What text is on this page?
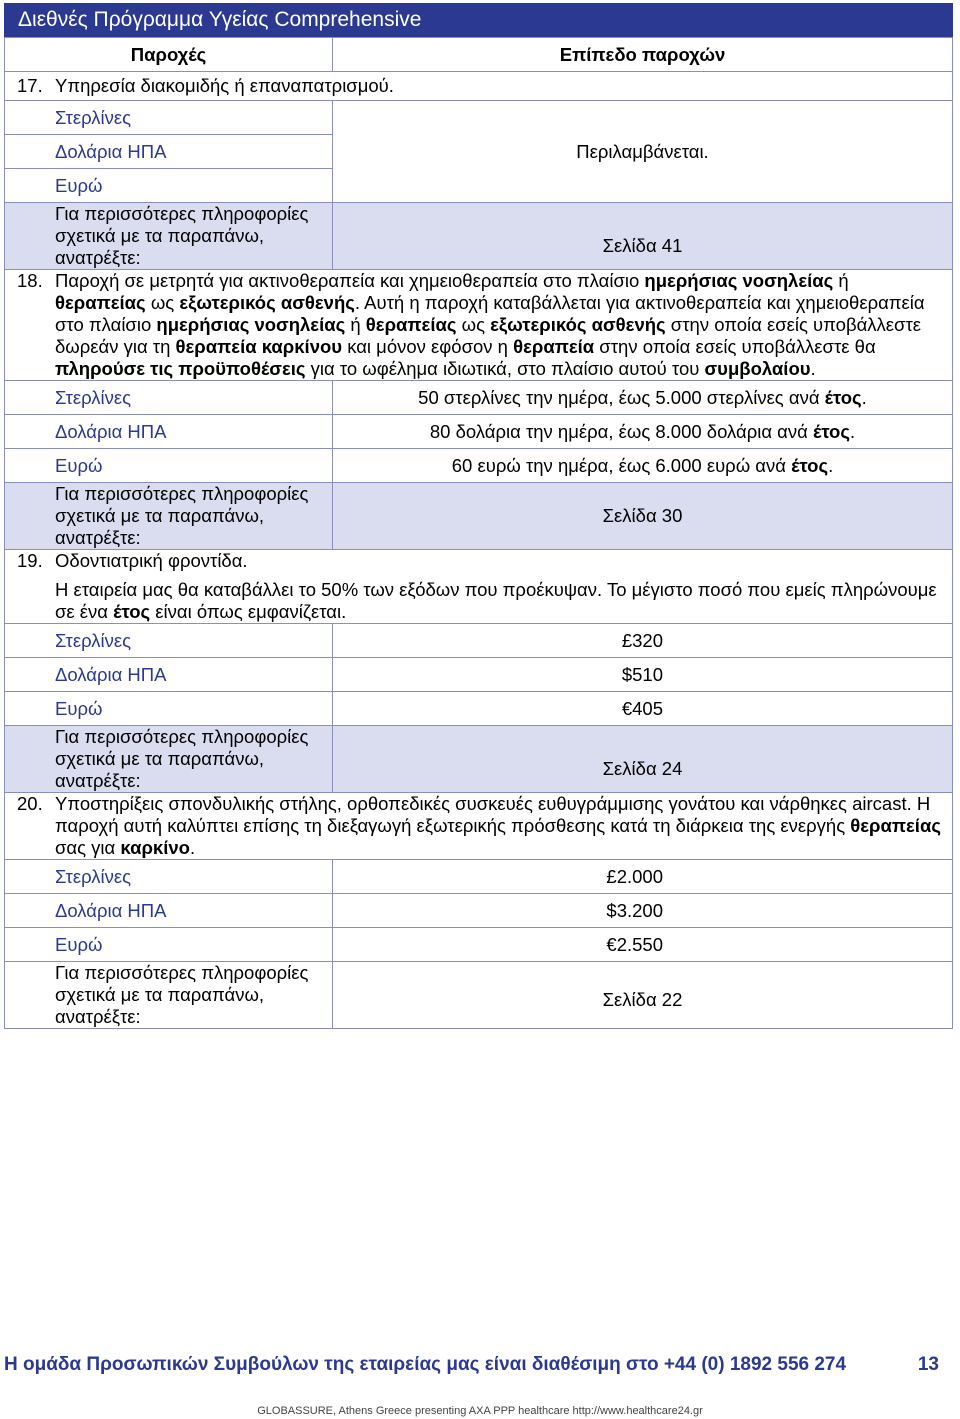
Διεθνές Πρόγραμμα Υγείας Comprehensive
Παροχές	Επίπεδο παροχών

17. Υπηρεσία διακομιδής ή επαναπατρισμού.	

Στερλίνες	Περιλαμβάνεται.
Δολάρια ΗΠΑ	
Ευρώ	
Για περισσότερες πληροφορίες σχετικά με τα παραπάνω, ανατρέξτε:	Σελίδα 41

18. Παροχή σε μετρητά για ακτινοθεραπεία και χημειοθεραπεία στο πλαίσιο ημερήσιας νοσηλείας ή θεραπείας ως εξωτερικός ασθενής. Αυτή η παροχή καταβάλλεται για ακτινοθεραπεία και χημειοθεραπεία στο πλαίσιο ημερήσιας νοσηλείας ή θεραπείας ως εξωτερικός ασθενής στην οποία εσείς υποβάλλεστε δωρεάν για τη θεραπεία καρκίνου και μόνον εφόσον η θεραπεία στην οποία εσείς υποβάλλεστε θα πληρούσε τις προϋποθέσεις για το ωφέλημα ιδιωτικά, στο πλαίσιο αυτού του συμβολαίου.	

Στερλίνες	50 στερλίνες την ημέρα, έως 5.000 στερλίνες ανά έτος.
Δολάρια ΗΠΑ	80 δολάρια την ημέρα, έως 8.000 δολάρια ανά έτος.
Ευρώ	60 ευρώ την ημέρα, έως 6.000 ευρώ ανά έτος.
Για περισσότερες πληροφορίες σχετικά με τα παραπάνω, ανατρέξτε:	Σελίδα 30

19. Οδοντιατρική φροντίδα.

Η εταιρεία μας θα καταβάλλει το 50% των εξόδων που προέκυψαν. Το μέγιστο ποσό που εμείς πληρώνουμε σε ένα έτος είναι όπως εμφανίζεται.	

Στερλίνες	£320
Δολάρια ΗΠΑ	$510
Ευρώ	€405
Για περισσότερες πληροφορίες σχετικά με τα παραπάνω, ανατρέξτε:	Σελίδα 24

20. Υποστηρίξεις σπονδυλικής στήλης, ορθοπεδικές συσκευές ευθυγράμμισης γονάτου και νάρθηκες aircast. Η παροχή αυτή καλύπτει επίσης τη διεξαγωγή εξωτερικής πρόσθεσης κατά τη διάρκεια της ενεργής θεραπείας σας για καρκίνο.	

Στερλίνες	£2.000
Δολάρια ΗΠΑ	$3.200
Ευρώ	€2.550
Για περισσότερες πληροφορίες σχετικά με τα παραπάνω, ανατρέξτε:	Σελίδα 22
Η ομάδα Προσωπικών Συμβούλων της εταιρείας μας είναι διαθέσιμη στο +44 (0) 1892 556 274	13
GLOBASSURE, Athens Greece presenting AXA PPP healthcare http://www.healthcare24.gr
